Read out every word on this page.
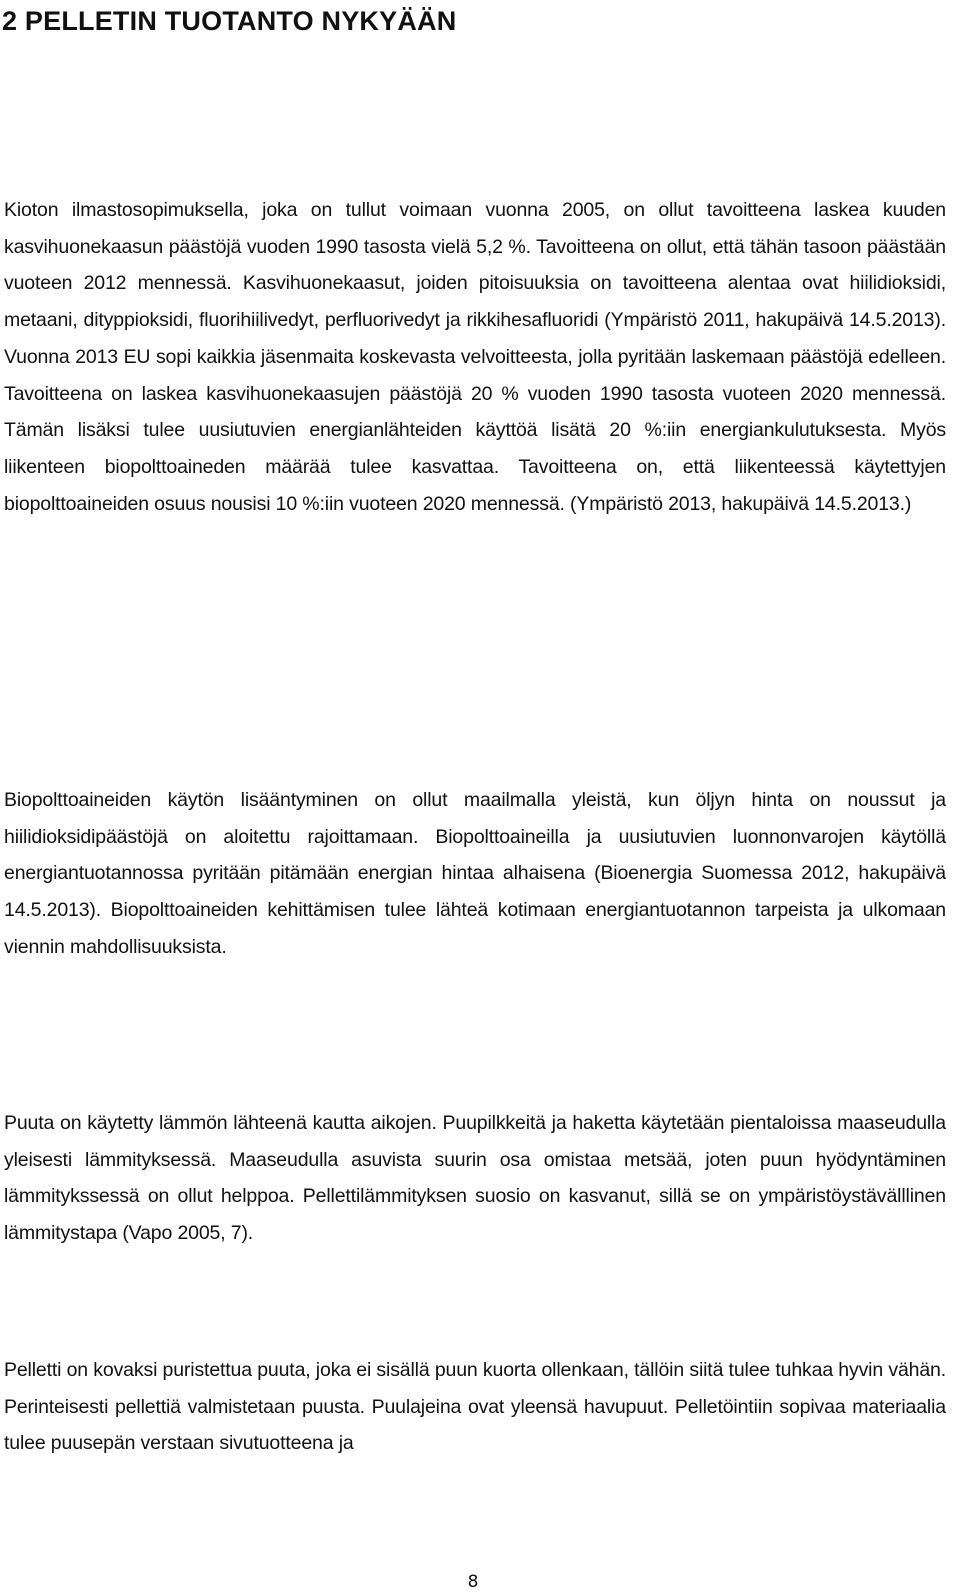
2 PELLETIN TUOTANTO NYKYÄÄN

Kioton ilmastosopimuksella, joka on tullut voimaan vuonna 2005, on ollut tavoitteena laskea kuuden kasvihuonekaasun päästöjä vuoden 1990 tasosta vielä 5,2 %. Tavoitteena on ollut, että tähän tasoon päästään vuoteen 2012 mennessä. Kasvihuonekaasut, joiden pitoisuuksia on tavoitteena alentaa ovat hiilidioksidi, metaani, dityppioksidi, fluorihiilivedyt, perfluorivedyt ja rikkihesafluoridi (Ympäristö 2011, hakupäivä 14.5.2013). Vuonna 2013 EU sopi kaikkia jäsenmaita koskevasta velvoitteesta, jolla pyritään laskemaan päästöjä edelleen. Tavoitteena on laskea kasvihuonekaasujen päästöjä 20 % vuoden 1990 tasosta vuoteen 2020 mennessä. Tämän lisäksi tulee uusiutuvien energianlähteiden käyttöä lisätä 20 %:iin energiankulutuksesta. Myös liikenteen biopolttoaineden määrää tulee kasvattaa. Tavoitteena on, että liikenteessä käytettyjen biopolttoaineiden osuus nousisi 10 %:iin vuoteen 2020 mennessä. (Ympäristö 2013, hakupäivä 14.5.2013.)

Biopolttoaineiden käytön lisääntyminen on ollut maailmalla yleistä, kun öljyn hinta on noussut ja hiilidioksidipäästöjä on aloitettu rajoittamaan. Biopolttoaineilla ja uusiutuvien luonnonvarojen käytöllä energiantuotannossa pyritään pitämään energian hintaa alhaisena (Bioenergia Suomessa 2012, hakupäivä 14.5.2013). Biopolttoaineiden kehittämisen tulee lähteä kotimaan energiantuotannon tarpeista ja ulkomaan viennin mahdollisuuksista.

Puuta on käytetty lämmön lähteenä kautta aikojen. Puupilkkeitä ja haketta käytetään pientaloissa maaseudulla yleisesti lämmityksessä. Maaseudulla asuvista suurin osa omistaa metsää, joten puun hyödyntäminen lämmitykssessä on ollut helppoa. Pellettilämmityksen suosio on kasvanut, sillä se on ympäristöystävälllinen lämmitystapa (Vapo 2005, 7).

Pelletti on kovaksi puristettua puuta, joka ei sisällä puun kuorta ollenkaan, tällöin siitä tulee tuhkaa hyvin vähän. Perinteisesti pellettiä valmistetaan puusta. Puulajeina ovat yleensä havupuut. Pelletöintiin sopivaa materiaalia tulee puusepän verstaan sivutuotteena ja

8
